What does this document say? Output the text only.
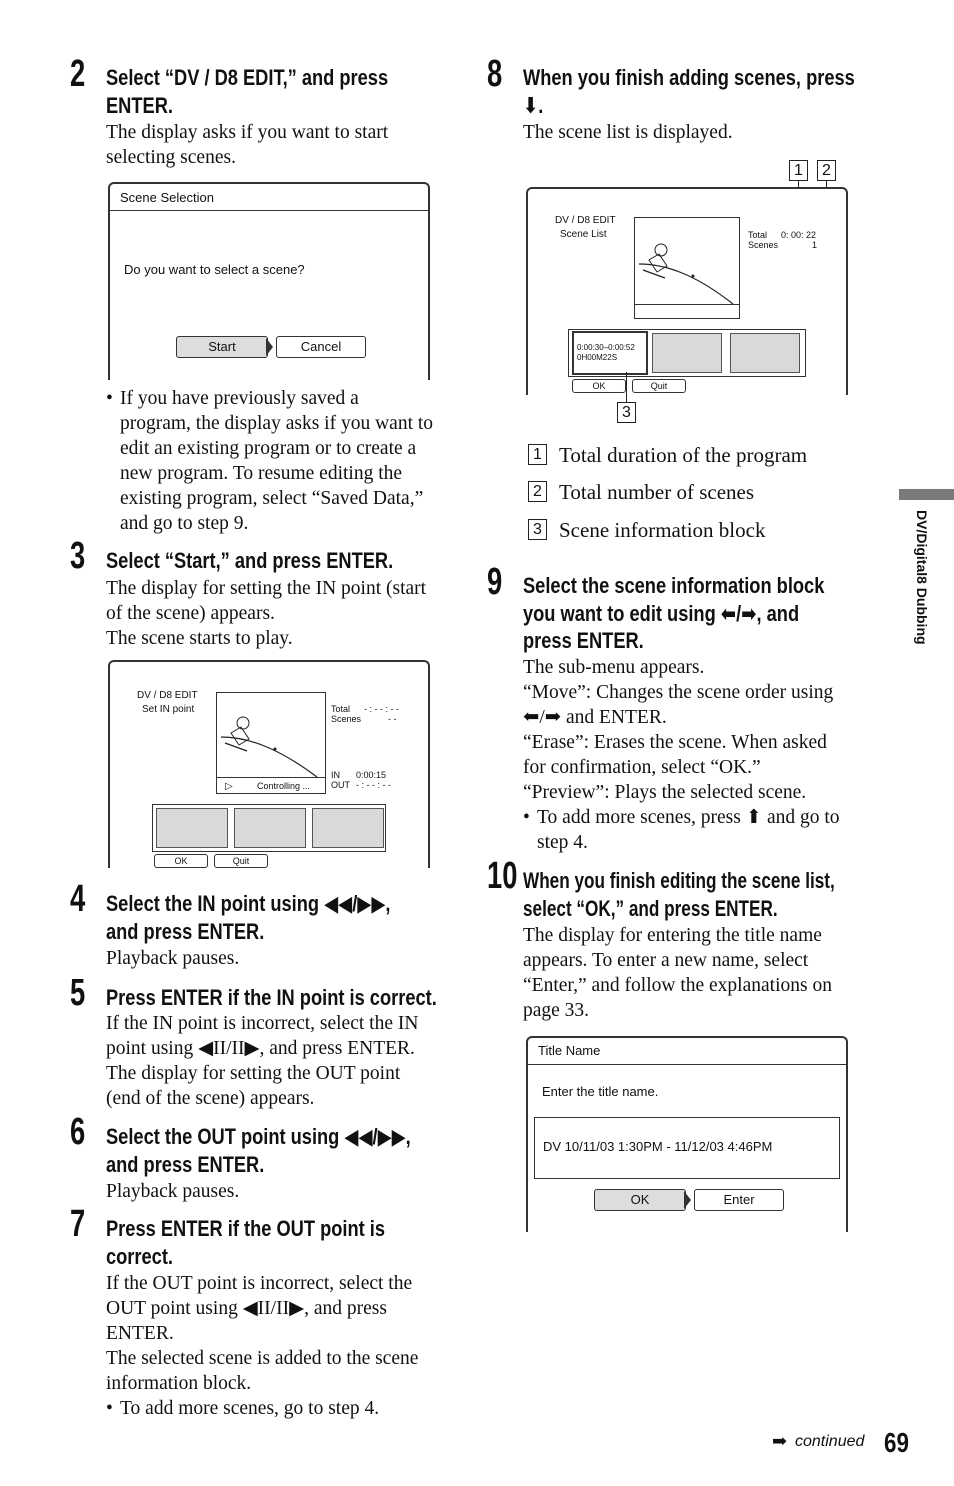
2 Select “DV / D8 EDIT,” and press
ENTER.

The display asks if you want to start

selecting scenes.

Scene Selection
Do you want to select a scene?
Start	Cancel
• If you have previously saved a

program, the display asks if you want to

edit an existing program or to create a

new program. To resume editing the

existing program, select “Saved Data,”

and go to step 9.

3 Select “Start,” and press ENTER.

The display for setting the IN point (start

of the scene) appears.

The scene starts to play.

DV / D8 EDIT
Set IN point
▷	Controlling ...
Total - : - - : - -
Scenes	- -
IN 0:00:15
OUT - : - - : - -
OK	Quit
4 Select the IN point using ◀◀/▶▶,
and press ENTER.
Playback pauses.
5 Press ENTER if the IN point is correct.

If the IN point is incorrect, select the IN

point using ◀II/II▶, and press ENTER.

The display for setting the OUT point

(end of the scene) appears.

6 Select the OUT point using ◀◀/▶▶,
and press ENTER.
Playback pauses.
7 Press ENTER if the OUT point is
correct.

If the OUT point is incorrect, select the

OUT point using ◀II/II▶, and press

ENTER.

The selected scene is added to the scene

information block.

• To add more scenes, go to step 4.

8 When you finish adding scenes, press
⬇.
The scene list is displayed.
1	2
DV / D8 EDIT
Scene List	Total 0: 00: 22
Scenes	1
0:00:30–0:00:52
0H00M22S
OK	Quit
3
1 Total duration of the program
2 Total number of scenes
3 Scene information block
9 Select the scene information block
you want to edit using ⬅/➡, and
press ENTER.

The sub-menu appears.

“Move”: Changes the scene order using

⬅/➡ and ENTER.

“Erase”: Erases the scene. When asked

for confirmation, select “OK.”

“Preview”: Plays the selected scene.

• To add more scenes, press ⬆ and go to

step 4.

10 When you finish editing the scene list,
select “OK,” and press ENTER.

The display for entering the title name

appears. To enter a new name, select

“Enter,” and follow the explanations on

page 33.

Title Name
Enter the title name.
DV 10/11/03 1:30PM - 11/12/03 4:46PM
OK	Enter
DV/Digital8 Dubbing
➡ continued 69
